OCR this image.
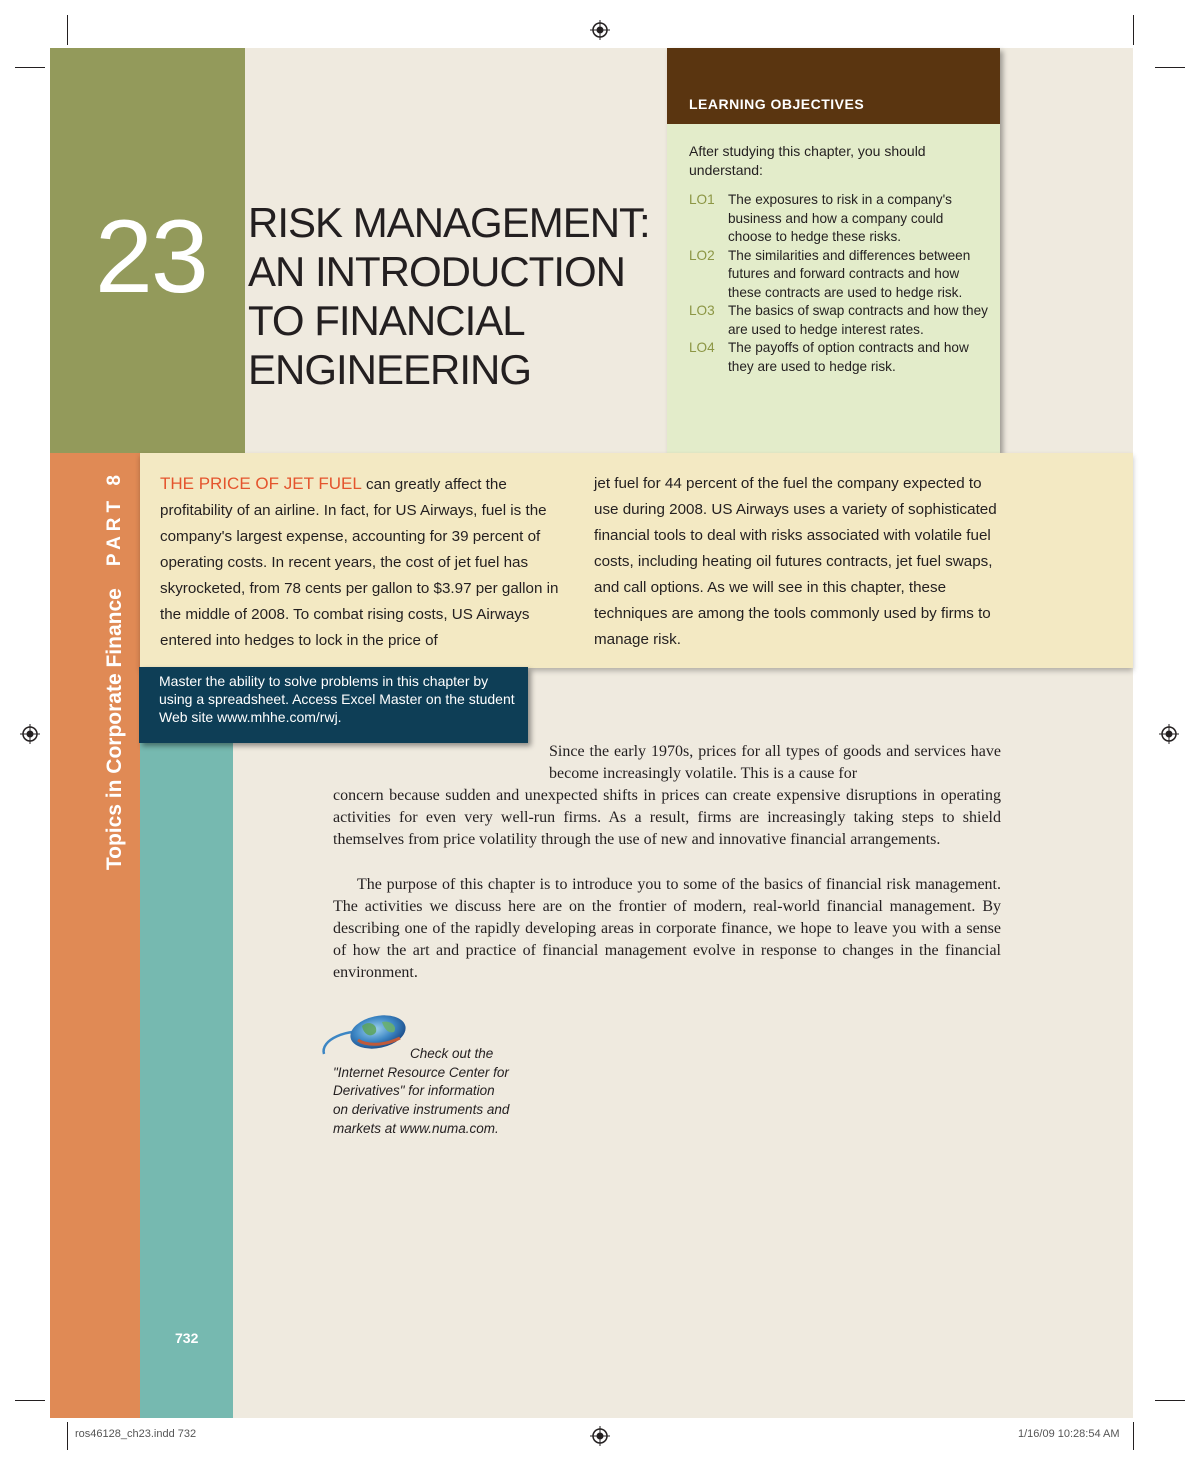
23 RISK MANAGEMENT:
AN INTRODUCTION
TO FINANCIAL
ENGINEERING
LEARNING OBJECTIVES
After studying this chapter, you should understand:
LO1 The exposures to risk in a company's business and how a company could choose to hedge these risks.
LO2 The similarities and differences between futures and forward contracts and how these contracts are used to hedge risk.
LO3 The basics of swap contracts and how they are used to hedge interest rates.
LO4 The payoffs of option contracts and how they are used to hedge risk.
THE PRICE OF JET FUEL can greatly affect the profitability of an airline. In fact, for US Airways, fuel is the company's largest expense, accounting for 39 percent of operating costs. In recent years, the cost of jet fuel has skyrocketed, from 78 cents per gallon to $3.97 per gallon in the middle of 2008. To combat rising costs, US Airways entered into hedges to lock in the price of
jet fuel for 44 percent of the fuel the company expected to use during 2008. US Airways uses a variety of sophisticated financial tools to deal with risks associated with volatile fuel costs, including heating oil futures contracts, jet fuel swaps, and call options. As we will see in this chapter, these techniques are among the tools commonly used by firms to manage risk.
Topics in Corporate Finance
PART 8
Master the ability to solve problems in this chapter by using a spreadsheet. Access Excel Master on the student Web site www.mhhe.com/rwj.
Since the early 1970s, prices for all types of goods and services have become increasingly volatile. This is a cause for
concern because sudden and unexpected shifts in prices can create expensive disruptions in operating activities for even very well-run firms. As a result, firms are increasingly taking steps to shield themselves from price volatility through the use of new and innovative financial arrangements.
The purpose of this chapter is to introduce you to some of the basics of financial risk management. The activities we discuss here are on the frontier of modern, real-world financial management. By describing one of the rapidly developing areas in corporate finance, we hope to leave you with a sense of how the art and practice of financial management evolve in response to changes in the financial environment.
Check out the "Internet Resource Center for Derivatives" for information on derivative instruments and markets at www.numa.com.
732
ros46128_ch23.indd 732	1/16/09 10:28:54 AM
